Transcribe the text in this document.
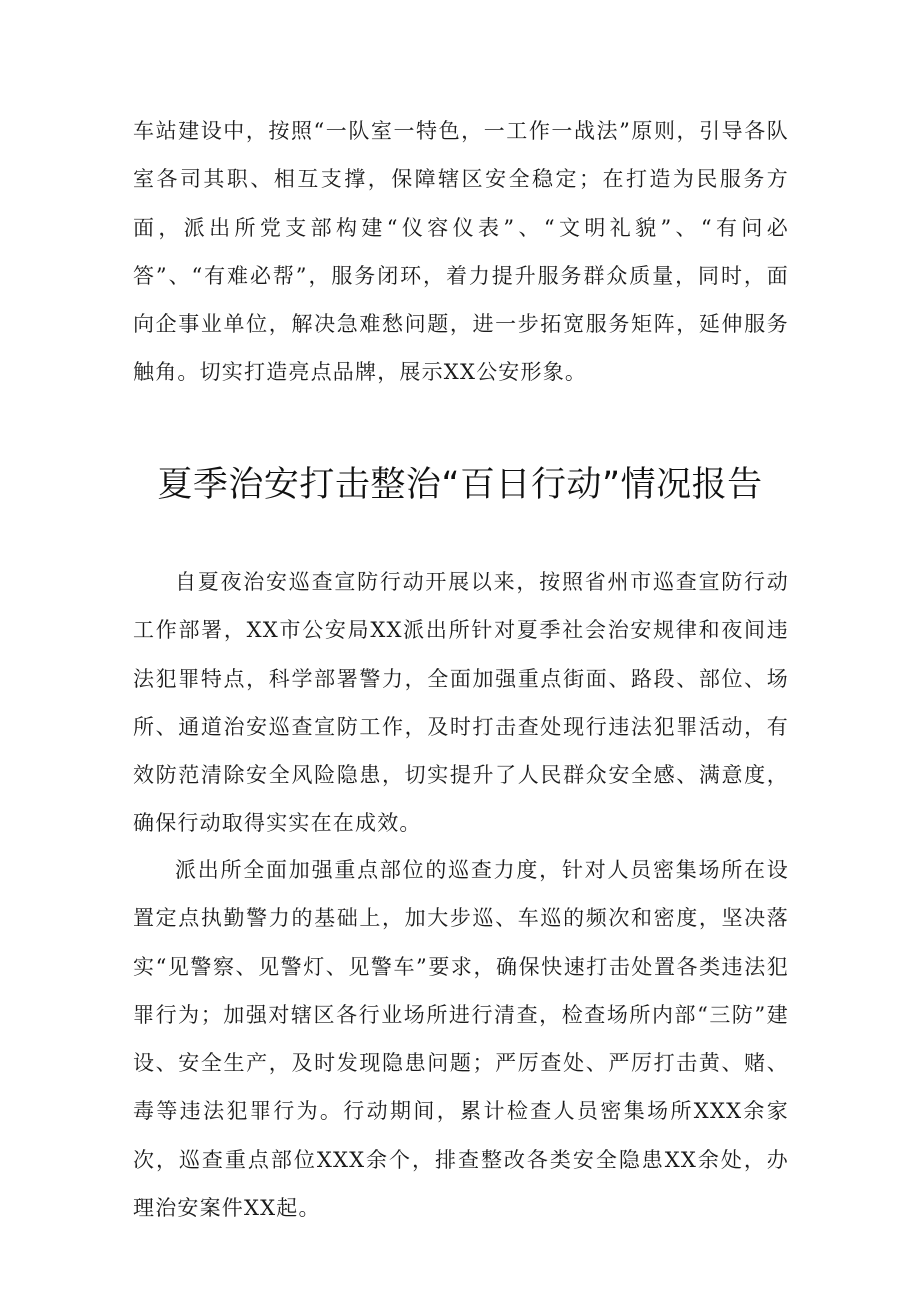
车站建设中，按照“一队室一特色，一工作一战法”原则，引导各队室各司其职、相互支撑，保障辖区安全稳定；在打造为民服务方面，派出所党支部构建“仪容仪表”、“文明礼貌”、“有问必答”、“有难必帮”，服务闭环，着力提升服务群众质量，同时，面向企事业单位，解决急难愁问题，进一步拓宽服务矩阵，延伸服务触角。切实打造亮点品牌，展示XX公安形象。

夏季治安打击整治“百日行动”情况报告

自夏夜治安巡查宣防行动开展以来，按照省州市巡查宣防行动工作部署，XX市公安局XX派出所针对夏季社会治安规律和夜间违法犯罪特点，科学部署警力，全面加强重点街面、路段、部位、场所、通道治安巡查宣防工作，及时打击查处现行违法犯罪活动，有效防范清除安全风险隐患，切实提升了人民群众安全感、满意度，确保行动取得实实在在成效。

派出所全面加强重点部位的巡查力度，针对人员密集场所在设置定点执勤警力的基础上，加大步巡、车巡的频次和密度，坚决落实“见警察、见警灯、见警车”要求，确保快速打击处置各类违法犯罪行为；加强对辖区各行业场所进行清查，检查场所内部“三防”建设、安全生产，及时发现隐患问题；严厉查处、严厉打击黄、赌、毒等违法犯罪行为。行动期间，累计检查人员密集场所XXX余家次，巡查重点部位XXX余个，排查整改各类安全隐患XX余处，办理治安案件XX起。
